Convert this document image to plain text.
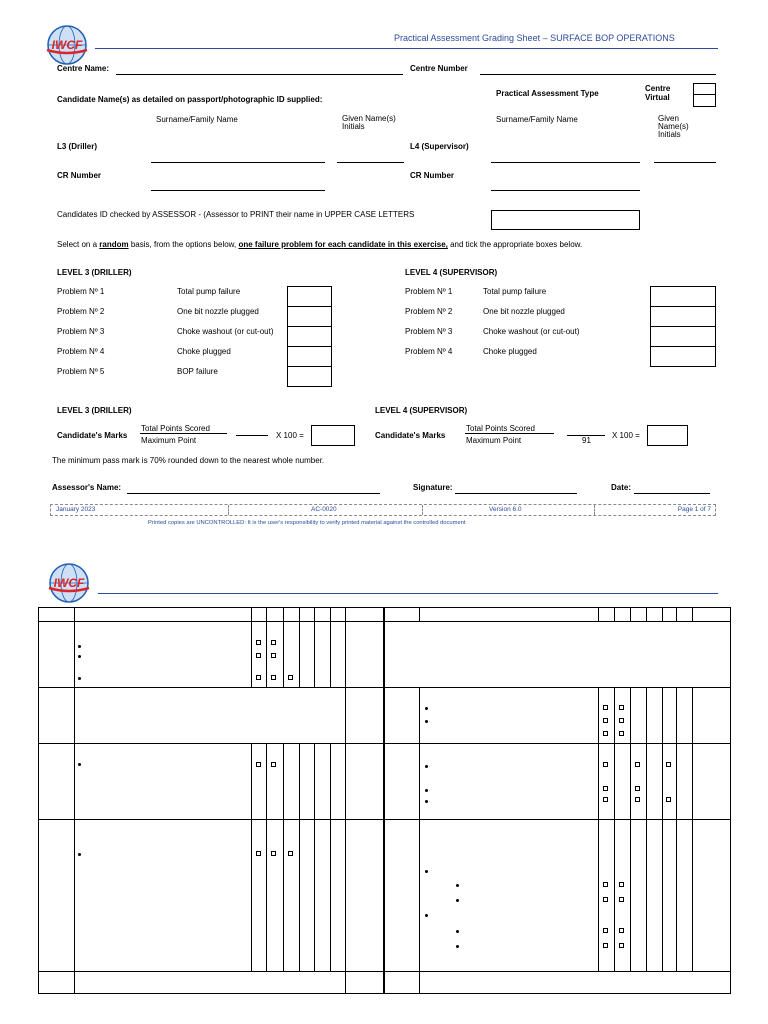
IWCF	Practical Assessment Grading Sheet – SURFACE BOP OPERATIONS
Centre Name:	Centre Number
Candidate Name(s) as detailed on passport/photographic ID supplied:
Practical Assessment Type
Centre
Virtual
Surname/Family Name	Given Name(s)
Initials
Surname/Family Name	Given
Name(s)
Initials
L3 (Driller)	L4 (Supervisor)
CR Number	CR Number
Candidates ID checked by ASSESSOR - (Assessor to PRINT their name in UPPER CASE LETTERS
Select on a random basis, from the options below, one failure problem for each candidate in this exercise, and tick the appropriate boxes below.
LEVEL 3 (DRILLER)
Problem Nº 1	Total pump failure
Problem Nº 2	One bit nozzle plugged
Problem Nº 3	Choke washout (or cut-out)
Problem Nº 4	Choke plugged
Problem Nº 5	BOP failure
LEVEL 4 (SUPERVISOR)
Problem Nº 1	Total pump failure
Problem Nº 2	One bit nozzle plugged
Problem Nº 3	Choke washout (or cut-out)
Problem Nº 4	Choke plugged
LEVEL 3 (DRILLER)	LEVEL 4 (SUPERVISOR)
Candidate's Marks
Total Points Scored
Maximum Point
X 100 =	Candidate's Marks
Total Points Scored
Maximum Point	91
X 100 =
The minimum pass mark is 70% rounded down to the nearest whole number.
Assessor's Name:	Signature:	Date:
January 2023	AC-0020	Version 6.0	Page 1 of 7
Printed copies are UNCONTROLLED: It is the user's responsibility to verify printed material against the controlled document
IWCF
